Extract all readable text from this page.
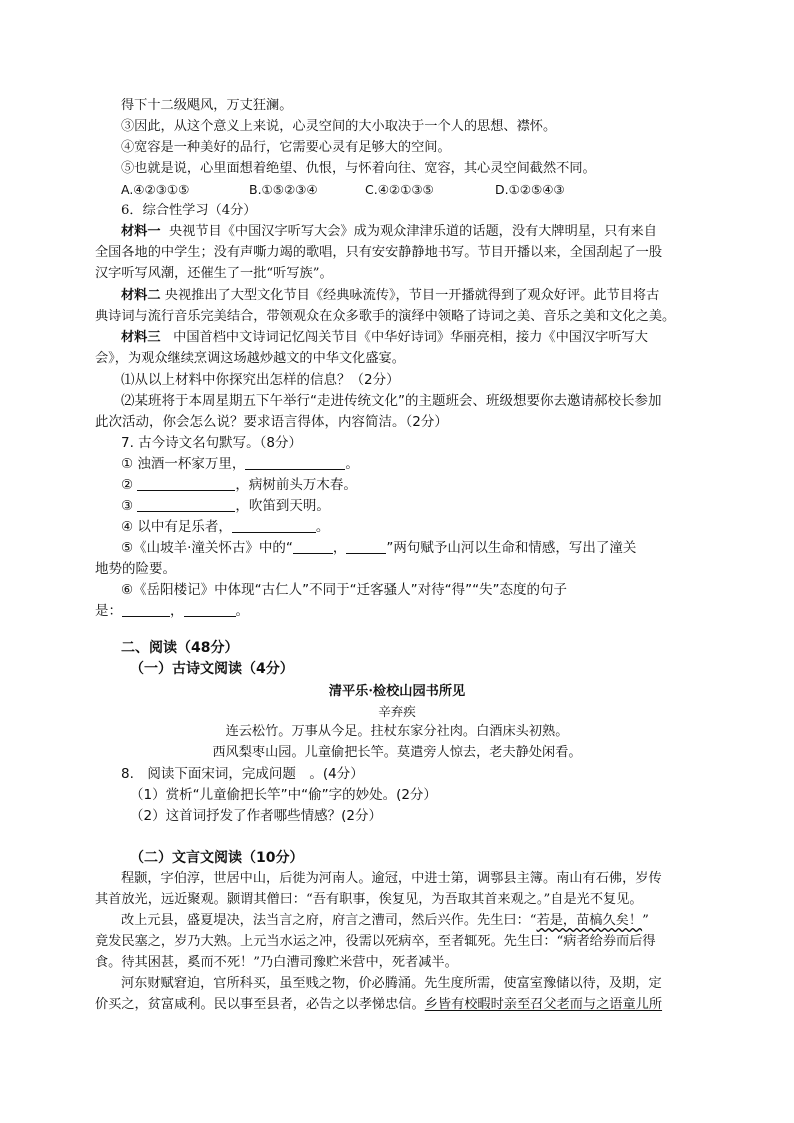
得下十二级飓风，万丈狂澜。
③因此，从这个意义上来说，心灵空间的大小取决于一个人的思想、襟怀。
④宽容是一种美好的品行，它需要心灵有足够大的空间。
⑤也就是说，心里面想着绝望、仇恨，与怀着向往、宽容，其心灵空间截然不同。
A.④②③①⑤	B.①⑤②③④	C.④②①③⑤	D.①②⑤④③
6．综合性学习（4分）
材料一 央视节目《中国汉字听写大会》成为观众津津乐道的话题，没有大牌明星，只有来自
全国各地的中学生；没有声嘶力竭的歌唱，只有安安静静地书写。节目开播以来，全国刮起了一股
汉字听写风潮，还催生了一批“听写族”。
材料二 央视推出了大型文化节目《经典咏流传》，节目一开播就得到了观众好评。此节目将古
典诗词与流行音乐完美结合，带领观众在众多歌手的演绎中领略了诗词之美、音乐之美和文化之美。
材料三 中国首档中文诗词记忆闯关节目《中华好诗词》华丽亮相，接力《中国汉字听写大
会》，为观众继续烹调这场越炒越文的中华文化盛宴。
⑴从以上材料中你探究出怎样的信息？（2分）
⑵某班将于本周星期五下午举行“走进传统文化”的主题班会、班级想要你去邀请郝校长参加
此次活动，你会怎么说？要求语言得体，内容简洁。（2分）
7. 古今诗文名句默写。（8分）
① 浊酒一杯家万里，	。
②	，病树前头万木春。
③	，吹笛到天明。
④ 以中有足乐者，	。
⑤《山坡羊·潼关怀古》中的“	，	”两句赋予山河以生命和情感，写出了潼关
地势的险要。
⑥《岳阳楼记》中体现“古仁人”不同于“迁客骚人”对待“得”“失”态度的句子
是：	，	。
二、阅读（48分）
（一）古诗文阅读（4分）
清平乐·检校山园书所见
辛弃疾
连云松竹。万事从今足。拄杖东家分社肉。白酒床头初熟。
西风梨枣山园。儿童偷把长竿。莫遣旁人惊去，老夫静处闲看。
8.　阅读下面宋词，完成问题　。(4分）
（1）赏析“儿童偷把长竿”中“偷”字的妙处。(2分）
（2）这首词抒发了作者哪些情感？(2分）
（二）文言文阅读（10分）
程颢，字伯淳，世居中山，后徙为河南人。逾冠，中进士第，调鄠县主簿。南山有石佛，岁传
其首放光，远近聚观。颢谓其僧曰：“吾有职事，俟复见，为吾取其首来观之。”自是光不复见。
改上元县，盛夏堤决，法当言之府，府言之漕司，然后兴作。先生曰：“若是，苗槁久矣！”
竟发民塞之，岁乃大熟。上元当水运之冲，役需以死病卒，至者辄死。先生曰：“病者给券而后得
食。待其困甚，奚而不死！”乃白漕司豫贮米营中，死者减半。
河东财赋窘迫，官所科买，虽至贱之物，价必腾涌。先生度所需，使富室豫储以待，及期，定
价买之，贫富咸利。民以事至县者，必告之以孝悌忠信。乡皆有校暇时亲至召父老而与之语童儿所
